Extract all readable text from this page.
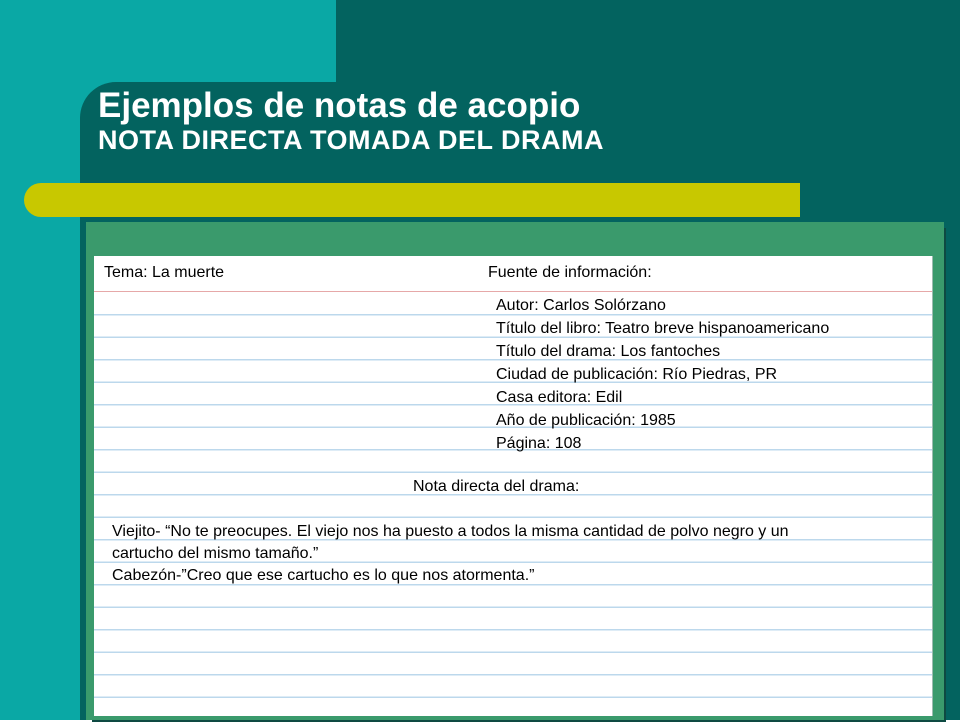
Ejemplos de notas de acopio
NOTA DIRECTA TOMADA DEL DRAMA
Tema: La muerte	Fuente de información:
Autor: Carlos Solórzano
Título del libro: Teatro breve hispanoamericano
Título del drama: Los fantoches
Ciudad de publicación: Río Piedras, PR
Casa editora: Edil
Año de publicación: 1985
Página: 108
Nota directa del drama:
Viejito- “No te preocupes. El viejo nos ha puesto a todos la misma cantidad de polvo negro y un
cartucho del mismo tamaño.”
Cabezón-”Creo que ese cartucho es lo que nos atormenta.”
